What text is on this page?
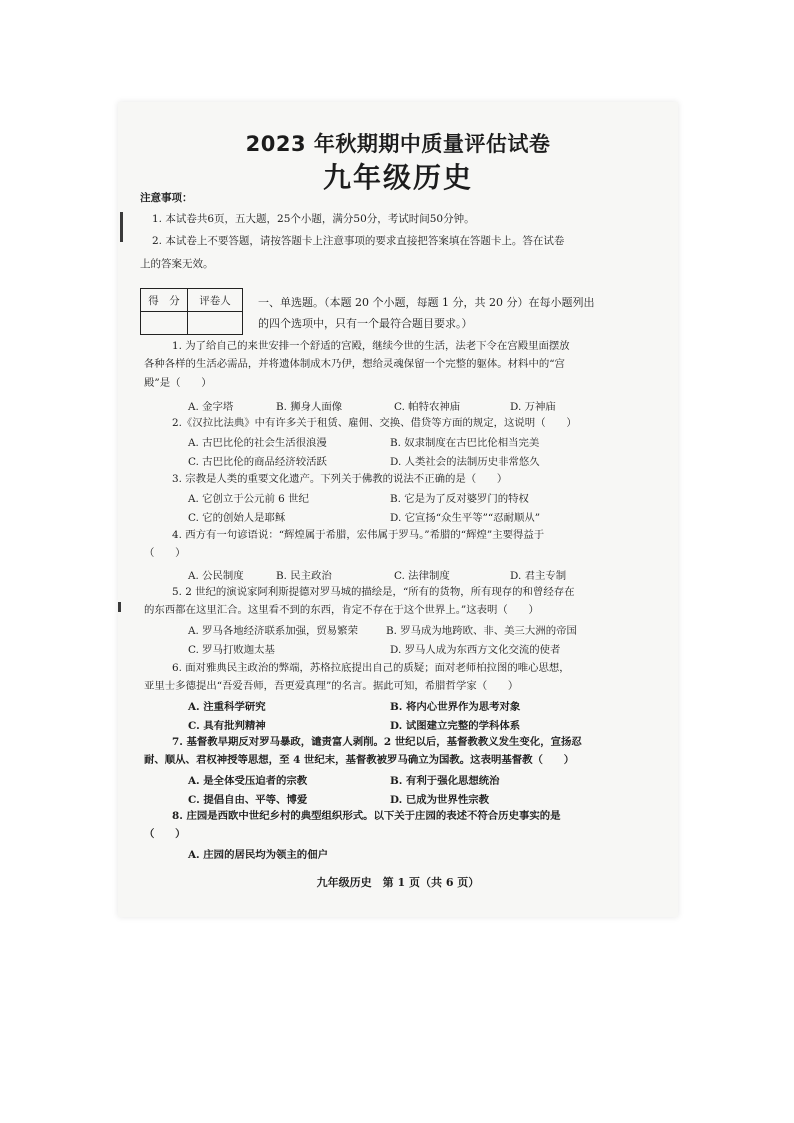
2023 年秋期期中质量评估试卷
九年级历史
注意事项：
1. 本试卷共6页，五大题，25个小题，满分50分，考试时间50分钟。
2. 本试卷上不要答题，请按答题卡上注意事项的要求直接把答案填在答题卡上。答在试卷
上的答案无效。
得　分	评卷人
	一、单选题。（本题 20 个小题，每题 1 分，共 20 分）在每小题列出
的四个选项中，只有一个最符合题目要求。）
1. 为了给自己的来世安排一个舒适的宫殿，继续今世的生活，法老下令在宫殿里面摆放
各种各样的生活必需品，并将遗体制成木乃伊，想给灵魂保留一个完整的躯体。材料中的“宫
殿”是（　　）
A. 金字塔	B. 狮身人面像	C. 帕特农神庙	D. 万神庙
2.《汉拉比法典》中有许多关于租赁、雇佣、交换、借贷等方面的规定，这说明（　　）
A. 古巴比伦的社会生活很浪漫	B. 奴隶制度在古巴比伦相当完美
C. 古巴比伦的商品经济较活跃	D. 人类社会的法制历史非常悠久
3. 宗教是人类的重要文化遗产。下列关于佛教的说法不正确的是（　　）
A. 它创立于公元前 6 世纪	B. 它是为了反对婆罗门的特权
C. 它的创始人是耶稣	D. 它宣扬“众生平等”“忍耐顺从”
4. 西方有一句谚语说：“辉煌属于希腊，宏伟属于罗马。”希腊的“辉煌”主要得益于
（　　）
A. 公民制度	B. 民主政治	C. 法律制度	D. 君主专制
5. 2 世纪的演说家阿利斯提德对罗马城的描绘是，“所有的货物，所有现存的和曾经存在
的东西都在这里汇合。这里看不到的东西，肯定不存在于这个世界上。”这表明（　　）
A. 罗马各地经济联系加强，贸易繁荣	B. 罗马成为地跨欧、非、美三大洲的帝国
C. 罗马打败迦太基	D. 罗马人成为东西方文化交流的使者
6. 面对雅典民主政治的弊端，苏格拉底提出自己的质疑；面对老师柏拉图的唯心思想，
亚里士多德提出“吾爱吾师，吾更爱真理”的名言。据此可知，希腊哲学家（　　）
A. 注重科学研究	B. 将内心世界作为思考对象
C. 具有批判精神	D. 试图建立完整的学科体系
7. 基督教早期反对罗马暴政，谴责富人剥削。2 世纪以后，基督教教义发生变化，宣扬忍
耐、顺从、君权神授等思想，至 4 世纪末，基督教被罗马确立为国教。这表明基督教（　　）
A. 是全体受压迫者的宗教	B. 有利于强化思想统治
C. 提倡自由、平等、博爱	D. 已成为世界性宗教
8. 庄园是西欧中世纪乡村的典型组织形式。以下关于庄园的表述不符合历史事实的是
（　　）
A. 庄园的居民均为领主的佃户
九年级历史　第 1 页（共 6 页）
